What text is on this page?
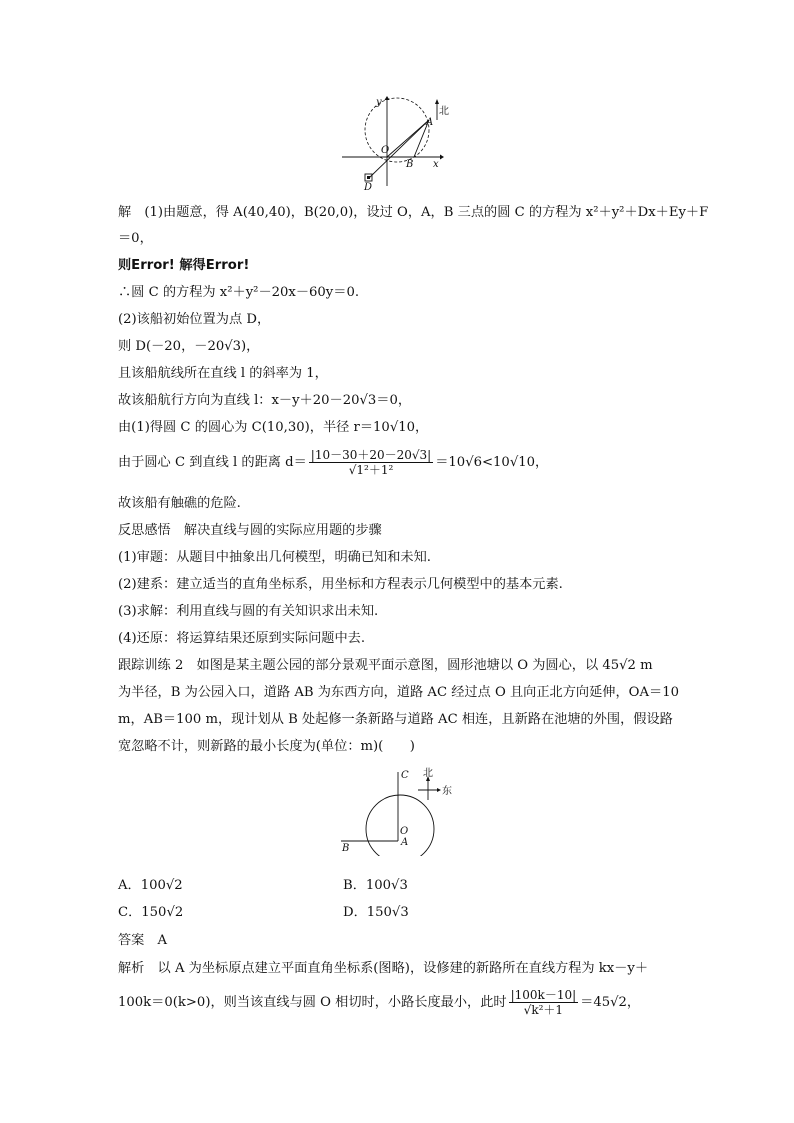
y
北
A
O
B x
D
解　(1)由题意，得 A(40,40)，B(20,0)，设过 O，A，B 三点的圆 C 的方程为 x²＋y²＋Dx＋Ey＋F
＝0，
则Error! 解得Error!
∴圆 C 的方程为 x²＋y²－20x－60y＝0.
(2)该船初始位置为点 D，
则 D(－20，－20√3)，
且该船航线所在直线 l 的斜率为 1，
故该船航行方向为直线 l：x－y＋20－20√3＝0，
由(1)得圆 C 的圆心为 C(10,30)，半径 r＝10√10，
由于圆心 C 到直线 l 的距离 $d= \frac{|10-30+20-20√3|}{\text{√1²＋1²}} =10√6<10√10$，
故该船有触礁的危险.
反思感悟　解决直线与圆的实际应用题的步骤
(1)审题：从题目中抽象出几何模型，明确已知和未知.
(2)建系：建立适当的直角坐标系，用坐标和方程表示几何模型中的基本元素.
(3)求解：利用直线与圆的有关知识求出未知.
(4)还原：将运算结果还原到实际问题中去.
跟踪训练 2　如图是某主题公园的部分景观平面示意图，圆形池塘以 O 为圆心，以 45√2 m
为半径，B 为公园入口，道路 AB 为东西方向，道路 AC 经过点 O 且向正北方向延伸，OA＝10
m，AB＝100 m，现计划从 B 处起修一条新路与道路 AC 相连，且新路在池塘的外围，假设路
宽忽略不计，则新路的最小长度为(单位：m)(　　)
C 北
东
O
A
B
A．100√2	B．100√3
C．150√2	D．150√3
答案　A
解析　以 A 为坐标原点建立平面直角坐标系(图略)，设修建的新路所在直线方程为 kx－y＋
100k＝0(k>0)，则当该直线与圆 O 相切时，小路长度最小，此时 $\frac{|100k-10|}{\text{√k²＋1}} =45√2$，
